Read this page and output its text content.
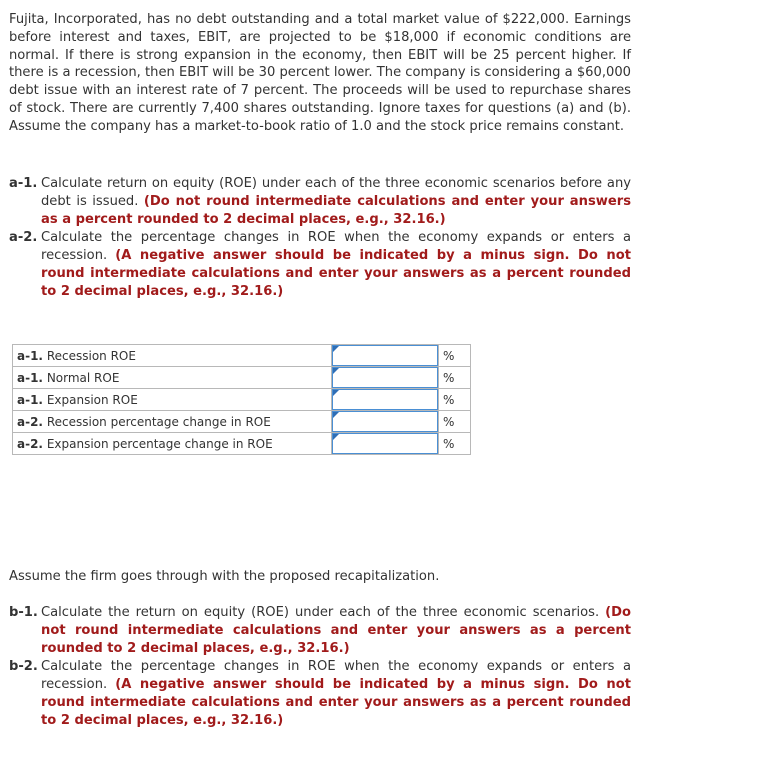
Fujita, Incorporated, has no debt outstanding and a total market value of $222,000. Earnings before interest and taxes, EBIT, are projected to be $18,000 if economic conditions are normal. If there is strong expansion in the economy, then EBIT will be 25 percent higher. If there is a recession, then EBIT will be 30 percent lower. The company is considering a $60,000 debt issue with an interest rate of 7 percent. The proceeds will be used to repurchase shares of stock. There are currently 7,400 shares outstanding. Ignore taxes for questions (a) and (b). Assume the company has a market-to-book ratio of 1.0 and the stock price remains constant.

a-1. Calculate return on equity (ROE) under each of the three economic scenarios before any debt is issued. (Do not round intermediate calculations and enter your answers as a percent rounded to 2 decimal places, e.g., 32.16.)
a-2. Calculate the percentage changes in ROE when the economy expands or enters a recession. (A negative answer should be indicated by a minus sign. Do not round intermediate calculations and enter your answers as a percent rounded to 2 decimal places, e.g., 32.16.)
a-1. Recession ROE		%
a-1. Normal ROE		%
a-1. Expansion ROE		%
a-2. Recession percentage change in ROE		%
a-2. Expansion percentage change in ROE		%

Assume the firm goes through with the proposed recapitalization.

b-1. Calculate the return on equity (ROE) under each of the three economic scenarios. (Do not round intermediate calculations and enter your answers as a percent rounded to 2 decimal places, e.g., 32.16.)
b-2. Calculate the percentage changes in ROE when the economy expands or enters a recession. (A negative answer should be indicated by a minus sign. Do not round intermediate calculations and enter your answers as a percent rounded to 2 decimal places, e.g., 32.16.)
